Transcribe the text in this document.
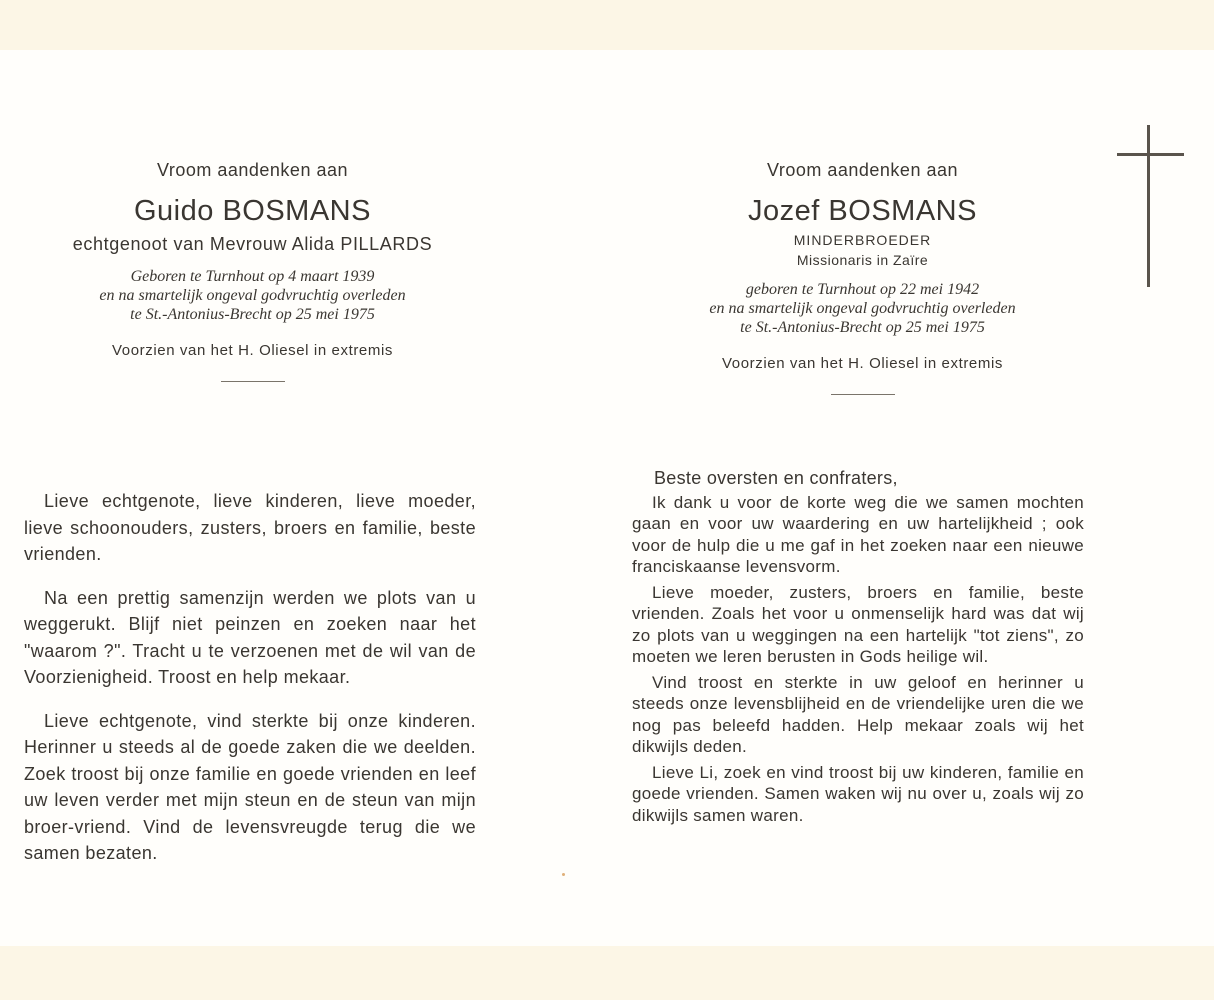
Vroom aandenken aan

Guido BOSMANS

echtgenoot van Mevrouw Alida PILLARDS

Geboren te Turnhout op 4 maart 1939
en na smartelijk ongeval godvruchtig overleden
te St.-Antonius-Brecht op 25 mei 1975

Voorzien van het H. Oliesel in extremis

Lieve echtgenote, lieve kinderen, lieve moeder, lieve schoonouders, zusters, broers en familie, beste vrienden.

Na een prettig samenzijn werden we plots van u weggerukt. Blijf niet peinzen en zoeken naar het "waarom ?". Tracht u te verzoenen met de wil van de Voorzienigheid. Troost en help mekaar.

Lieve echtgenote, vind sterkte bij onze kinderen. Herinner u steeds al de goede zaken die we deelden. Zoek troost bij onze familie en goede vrienden en leef uw leven verder met mijn steun en de steun van mijn broer-vriend. Vind de levensvreugde terug die we samen bezaten.

Vroom aandenken aan

Jozef BOSMANS

MINDERBROEDER

Missionaris in Zaïre

geboren te Turnhout op 22 mei 1942
en na smartelijk ongeval godvruchtig overleden
te St.-Antonius-Brecht op 25 mei 1975

Voorzien van het H. Oliesel in extremis

Beste oversten en confraters,

Ik dank u voor de korte weg die we samen mochten gaan en voor uw waardering en uw hartelijkheid ; ook voor de hulp die u me gaf in het zoeken naar een nieuwe franciskaanse levensvorm.

Lieve moeder, zusters, broers en familie, beste vrienden. Zoals het voor u onmenselijk hard was dat wij zo plots van u weggingen na een hartelijk "tot ziens", zo moeten we leren berusten in Gods heilige wil.

Vind troost en sterkte in uw geloof en herinner u steeds onze levensblijheid en de vriendelijke uren die we nog pas beleefd hadden. Help mekaar zoals wij het dikwijls deden.

Lieve Li, zoek en vind troost bij uw kinderen, familie en goede vrienden. Samen waken wij nu over u, zoals wij zo dikwijls samen waren.
